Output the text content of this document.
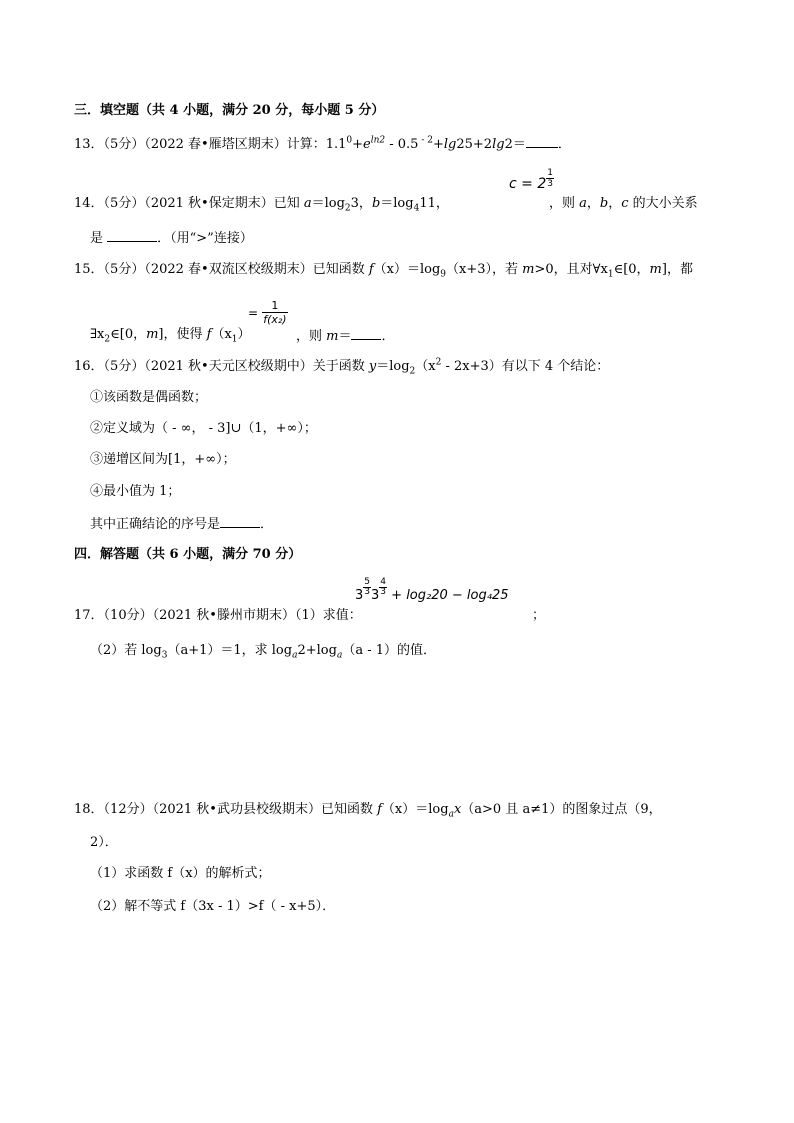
三．填空题（共 4 小题，满分 20 分，每小题 5 分）
13．（5分）（2022 春•雁塔区期末）计算：$1.1^0+e^{ln2} - 0.5$ $^{- 2}$+lg25+2lg2＝ ．
14．（5分）（2021 秋•保定期末）已知 $a=\log_23$，$b=\log_411$，
$c = 2 \frac{1}{3}$
，则 a，b，c 的大小关系
是	．（用“>”连接）
15．（5分）（2022 春•双流区校级期末）已知函数 $f(x)=\log_9(x+3)$，若 m>0，且对$\forall x_1\in[0$，m]，都
$\exists x_2\in[0$，m]，使得 $f(x_1)$
= $\frac{1}{\text{f(x₂)}}$
，则 m＝ ．
16．（5分）（2021 秋•天元区校级期中）关于函数 $y=\log_2(x^2 - 2x+3)$有以下 4 个结论：
①该函数是偶函数；
②定义域为（ - ∞， - 3]∪（1，+∞）；
③递增区间为[1，+∞）；
④最小值为 1；
其中正确结论的序号是	．
四．解答题（共 6 小题，满分 70 分）
17．（10分）（2021 秋•滕州市期末）（1）求值：
$3 \frac{5}{3} 3 \frac{4}{3} + \log_220 - \log_425$
；
（2）若 $\log_3(a+1)=1$，求 $\log_a2+\log_a(a - 1)$的值．
18．（12分）（2021 秋•武功县校级期末）已知函数 $f(x)=\log_ax(a>0$ 且 a≠1）的图象过点（9，
2）．
（1）求函数 f（x）的解析式；
（2）解不等式 f（3x - 1）>f（ - x+5）．
